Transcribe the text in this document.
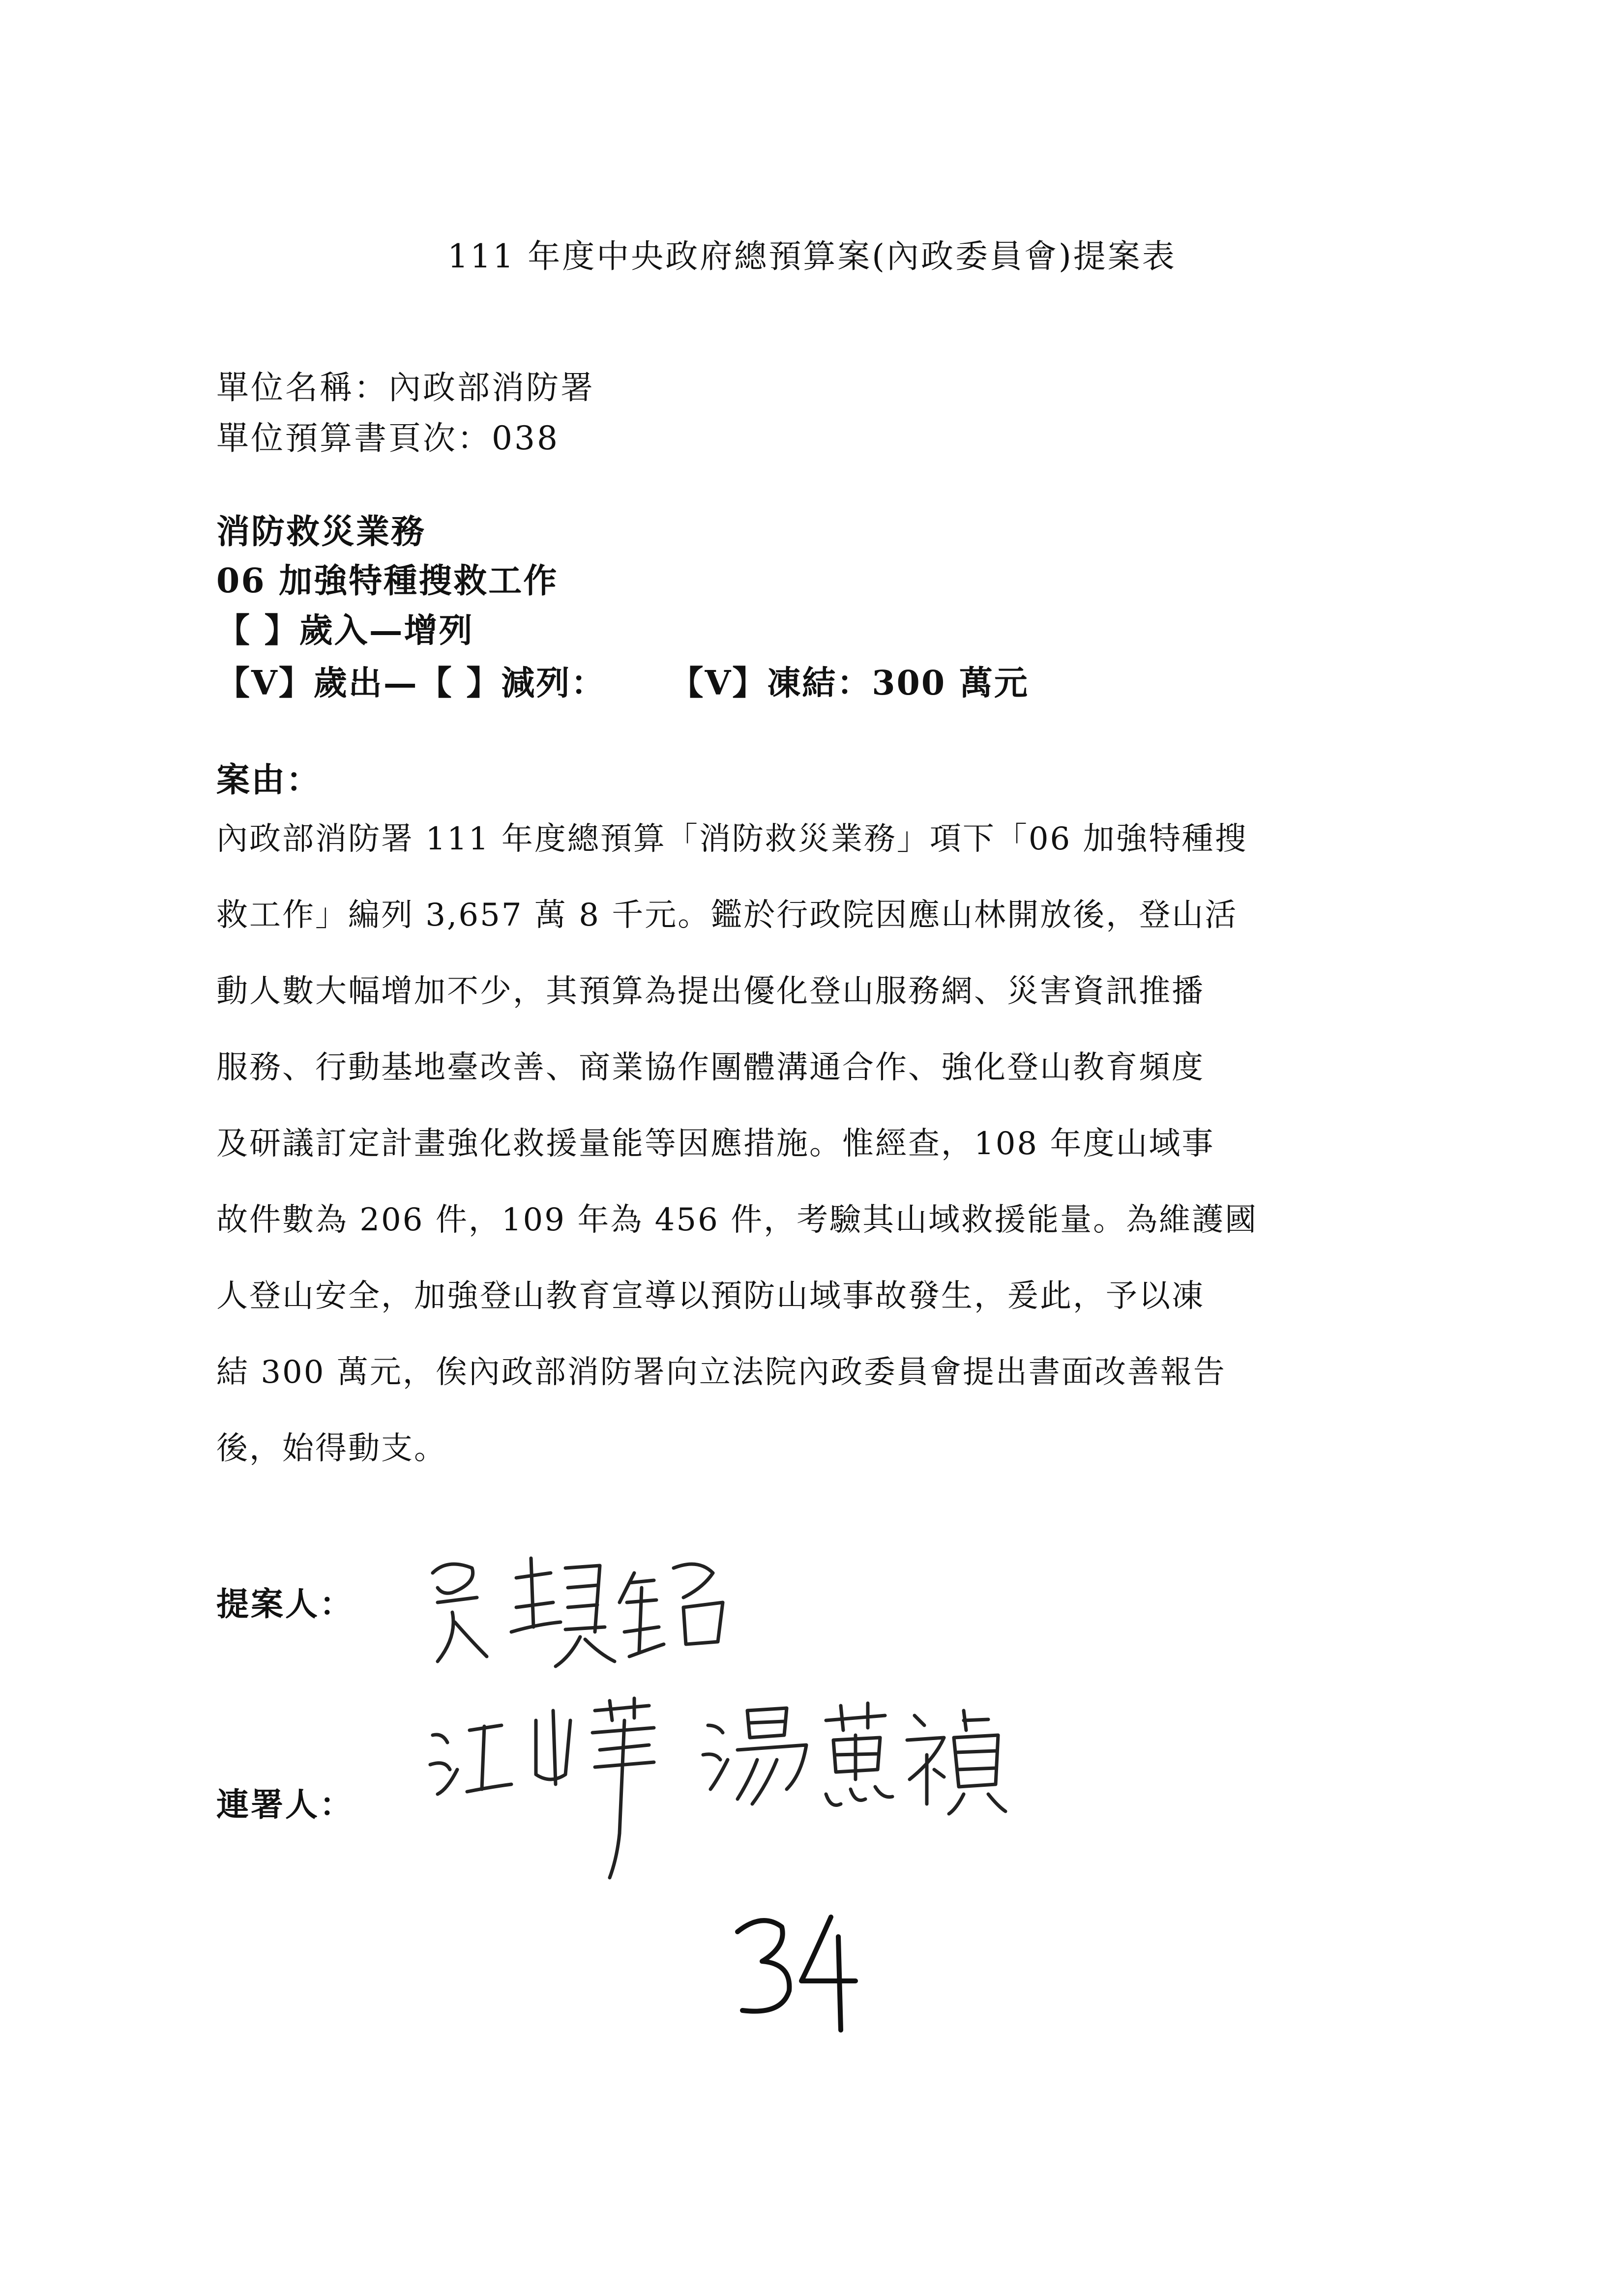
111 年度中央政府總預算案(內政委員會)提案表
單位名稱：內政部消防署
單位預算書頁次：038
消防救災業務
06 加強特種搜救工作
【 】歲入—增列
【V】歲出—【 】減列： 【V】凍結：300 萬元
案由：
內政部消防署 111 年度總預算「消防救災業務」項下「06 加強特種搜
救工作」編列 3,657 萬 8 千元。鑑於行政院因應山林開放後，登山活
動人數大幅增加不少，其預算為提出優化登山服務網、災害資訊推播
服務、行動基地臺改善、商業協作團體溝通合作、強化登山教育頻度
及研議訂定計畫強化救援量能等因應措施。惟經查，108 年度山域事
故件數為 206 件，109 年為 456 件，考驗其山域救援能量。為維護國
人登山安全，加強登山教育宣導以預防山域事故發生，爰此，予以凍
結 300 萬元，俟內政部消防署向立法院內政委員會提出書面改善報告
後，始得動支。
提案人：
連署人：
